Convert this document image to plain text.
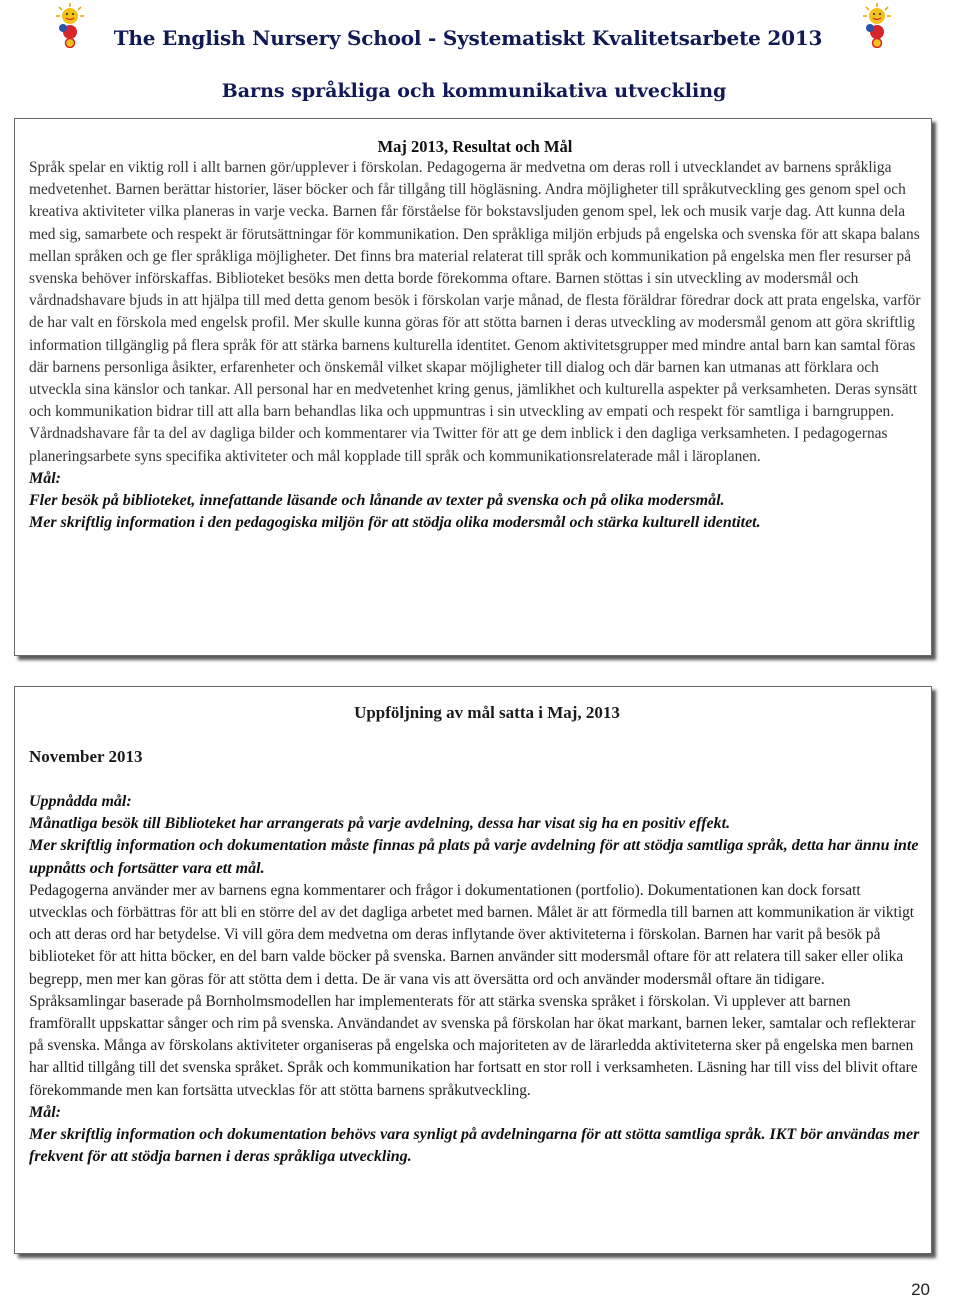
The English Nursery School - Systematiskt Kvalitetsarbete 2013
Barns språkliga och kommunikativa utveckling
Maj 2013, Resultat och Mål

Språk spelar en viktig roll i allt barnen gör/upplever i förskolan. Pedagogerna är medvetna om deras roll i utvecklandet av barnens språkliga medvetenhet. Barnen berättar historier, läser böcker och får tillgång till högläsning. Andra möjligheter till språkutveckling ges genom spel och kreativa aktiviteter vilka planeras in varje vecka. Barnen får förståelse för bokstavsljuden genom spel, lek och musik varje dag. Att kunna dela med sig, samarbete och respekt är förutsättningar för kommunikation. Den språkliga miljön erbjuds på engelska och svenska för att skapa balans mellan språken och ge fler språkliga möjligheter. Det finns bra material relaterat till språk och kommunikation på engelska men fler resurser på svenska behöver införskaffas. Biblioteket besöks men detta borde förekomma oftare. Barnen stöttas i sin utveckling av modersmål och vårdnadshavare bjuds in att hjälpa till med detta genom besök i förskolan varje månad, de flesta föräldrar föredrar dock att prata engelska, varför de har valt en förskola med engelsk profil. Mer skulle kunna göras för att stötta barnen i deras utveckling av modersmål genom att göra skriftlig information tillgänglig på flera språk för att stärka barnens kulturella identitet. Genom aktivitetsgrupper med mindre antal barn kan samtal föras där barnens personliga åsikter, erfarenheter och önskemål vilket skapar möjligheter till dialog och där barnen kan utmanas att förklara och utveckla sina känslor och tankar. All personal har en medvetenhet kring genus, jämlikhet och kulturella aspekter på verksamheten. Deras synsätt och kommunikation bidrar till att alla barn behandlas lika och uppmuntras i sin utveckling av empati och respekt för samtliga i barngruppen. Vårdnadshavare får ta del av dagliga bilder och kommentarer via Twitter för att ge dem inblick i den dagliga verksamheten. I pedagogernas planeringsarbete syns specifika aktiviteter och mål kopplade till språk och kommunikationsrelaterade mål i läroplanen.

Mål:

Fler besök på biblioteket, innefattande läsande och lånande av texter på svenska och på olika modersmål.

Mer skriftlig information i den pedagogiska miljön för att stödja olika modersmål och stärka kulturell identitet.

Uppföljning av mål satta i Maj, 2013
November 2013

Uppnådda mål:

Månatliga besök till Biblioteket har arrangerats på varje avdelning, dessa har visat sig ha en positiv effekt.

Mer skriftlig information och dokumentation måste finnas på plats på varje avdelning för att stödja samtliga språk, detta har ännu inte uppnåtts och fortsätter vara ett mål.

Pedagogerna använder mer av barnens egna kommentarer och frågor i dokumentationen (portfolio). Dokumentationen kan dock forsatt utvecklas och förbättras för att bli en större del av det dagliga arbetet med barnen. Målet är att förmedla till barnen att kommunikation är viktigt och att deras ord har betydelse. Vi vill göra dem medvetna om deras inflytande över aktiviteterna i förskolan. Barnen har varit på besök på biblioteket för att hitta böcker, en del barn valde böcker på svenska. Barnen använder sitt modersmål oftare för att relatera till saker eller olika begrepp, men mer kan göras för att stötta dem i detta. De är vana vis att översätta ord och använder modersmål oftare än tidigare. Språksamlingar baserade på Bornholmsmodellen har implementerats för att stärka svenska språket i förskolan. Vi upplever att barnen framförallt uppskattar sånger och rim på svenska. Användandet av svenska på förskolan har ökat markant, barnen leker, samtalar och reflekterar på svenska. Många av förskolans aktiviteter organiseras på engelska och majoriteten av de lärarledda aktiviteterna sker på engelska men barnen har alltid tillgång till det svenska språket. Språk och kommunikation har fortsatt en stor roll i verksamheten. Läsning har till viss del blivit oftare förekommande men kan fortsätta utvecklas för att stötta barnens språkutveckling.

Mål:

Mer skriftlig information och dokumentation behövs vara synligt på avdelningarna för att stötta samtliga språk. IKT bör användas mer frekvent för att stödja barnen i deras språkliga utveckling.

20
